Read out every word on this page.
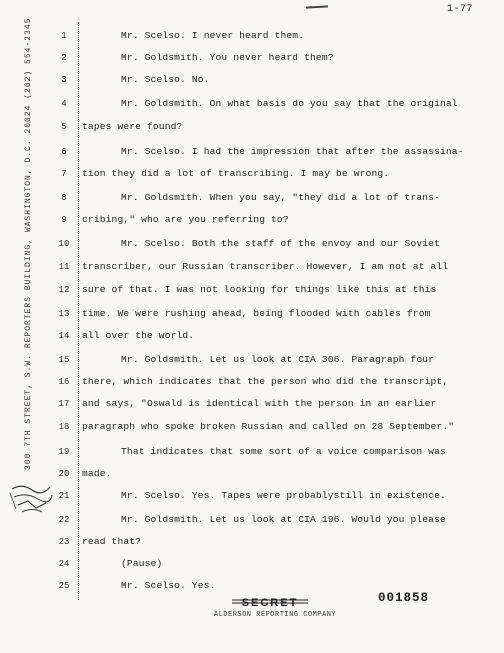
1-77
300 7TH STREET, S.W. REPORTERS BUILDING, WASHINGTON, D.C. 20024 (202) 554-2345	1
2
3
4
5
6
7
8
9
10
11
12
13
14
15
16
17
18
19
20
21
22
23
24
25
Mr. Scelso. I never heard them.
Mr. Goldsmith. You never heard them?
Mr. Scelso. No.
Mr. Goldsmith. On what basis do you say that the original
tapes were found?
Mr. Scelso. I had the impression that after the assassina-
tion they did a lot of transcribing. I may be wrong.
Mr. Goldsmith. When you say, "they did a lot of trans-
cribing," who are you referring to?
Mr. Scelso. Both the staff of the envoy and our Soviet
transcriber, our Russian transcriber. However, I am not at all
sure of that. I was not looking for things like this at this
time. We were rushing ahead, being flooded with cables from
all over the world.
Mr. Goldsmith. Let us look at CIA 306. Paragraph four
there, which indicates that the person who did the transcript,
and says, "Oswald is identical with the person in an earlier
paragraph who spoke broken Russian and called on 28 September."
That indicates that some sort of a voice comparison was
made.
Mr. Scelso. Yes. Tapes were probablystill in existence.
Mr. Goldsmith. Let us look at CIA 196. Would you please
read that?
(Pause)
Mr. Scelso. Yes.
SECRET	001858
ALDERSON REPORTING COMPANY
